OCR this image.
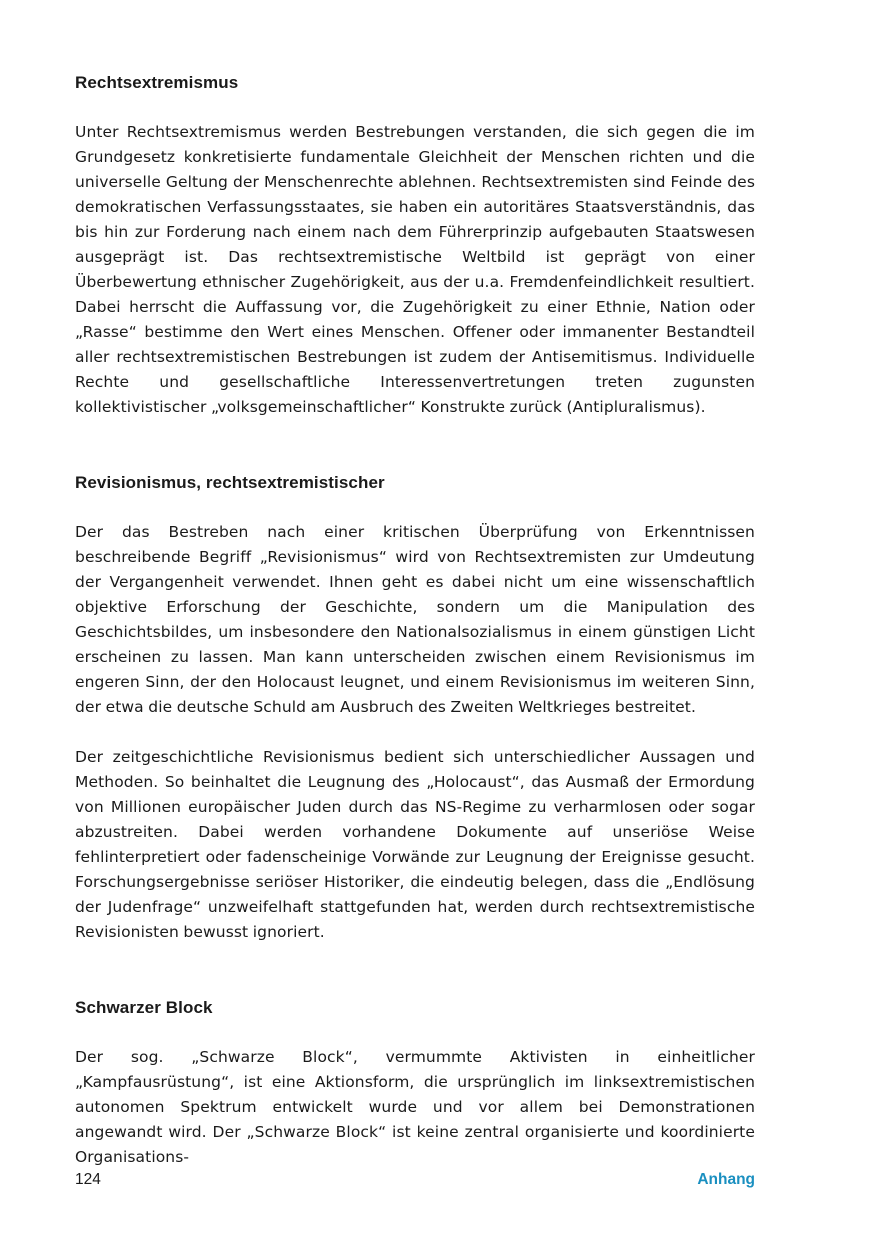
Rechtsextremismus

Unter Rechtsextremismus werden Bestrebungen verstanden, die sich gegen die im Grundgesetz konkretisierte fundamentale Gleichheit der Menschen richten und die universelle Geltung der Menschenrechte ablehnen. Rechtsextremisten sind Feinde des demokratischen Verfassungsstaates, sie haben ein autoritäres Staatsverständnis, das bis hin zur Forderung nach einem nach dem Führerprinzip aufgebauten Staatswesen ausgeprägt ist. Das rechtsextremistische Weltbild ist geprägt von einer Überbewertung ethnischer Zugehörigkeit, aus der u.a. Fremdenfeindlichkeit resultiert. Dabei herrscht die Auffassung vor, die Zugehörigkeit zu einer Ethnie, Nation oder „Rasse“ bestimme den Wert eines Menschen. Offener oder immanenter Bestandteil aller rechtsextremistischen Bestrebungen ist zudem der Antisemitismus. Individuelle Rechte und gesellschaftliche Interessenvertretungen treten zugunsten kollektivistischer „volksgemeinschaftlicher“ Konstrukte zurück (Antipluralismus).

Revisionismus, rechtsextremistischer

Der das Bestreben nach einer kritischen Überprüfung von Erkenntnissen beschreibende Begriff „Revisionismus“ wird von Rechtsextremisten zur Umdeutung der Vergangenheit verwendet. Ihnen geht es dabei nicht um eine wissenschaftlich objektive Erforschung der Geschichte, sondern um die Manipulation des Geschichtsbildes, um insbesondere den Nationalsozialismus in einem günstigen Licht erscheinen zu lassen. Man kann unterscheiden zwischen einem Revisionismus im engeren Sinn, der den Holocaust leugnet, und einem Revisionismus im weiteren Sinn, der etwa die deutsche Schuld am Ausbruch des Zweiten Weltkrieges bestreitet.

Der zeitgeschichtliche Revisionismus bedient sich unterschiedlicher Aussagen und Methoden. So beinhaltet die Leugnung des „Holocaust“, das Ausmaß der Ermordung von Millionen europäischer Juden durch das NS-Regime zu verharmlosen oder sogar abzustreiten. Dabei werden vorhandene Dokumente auf unseriöse Weise fehlinterpretiert oder fadenscheinige Vorwände zur Leugnung der Ereignisse gesucht. Forschungsergebnisse seriöser Historiker, die eindeutig belegen, dass die „Endlösung der Judenfrage“ unzweifelhaft stattgefunden hat, werden durch rechtsextremistische Revisionisten bewusst ignoriert.

Schwarzer Block

Der sog. „Schwarze Block“, vermummte Aktivisten in einheitlicher „Kampfausrüstung“, ist eine Aktionsform, die ursprünglich im linksextremistischen autonomen Spektrum entwickelt wurde und vor allem bei Demonstrationen angewandt wird. Der „Schwarze Block“ ist keine zentral organisierte und koordinierte Organisations-

124	Anhang
